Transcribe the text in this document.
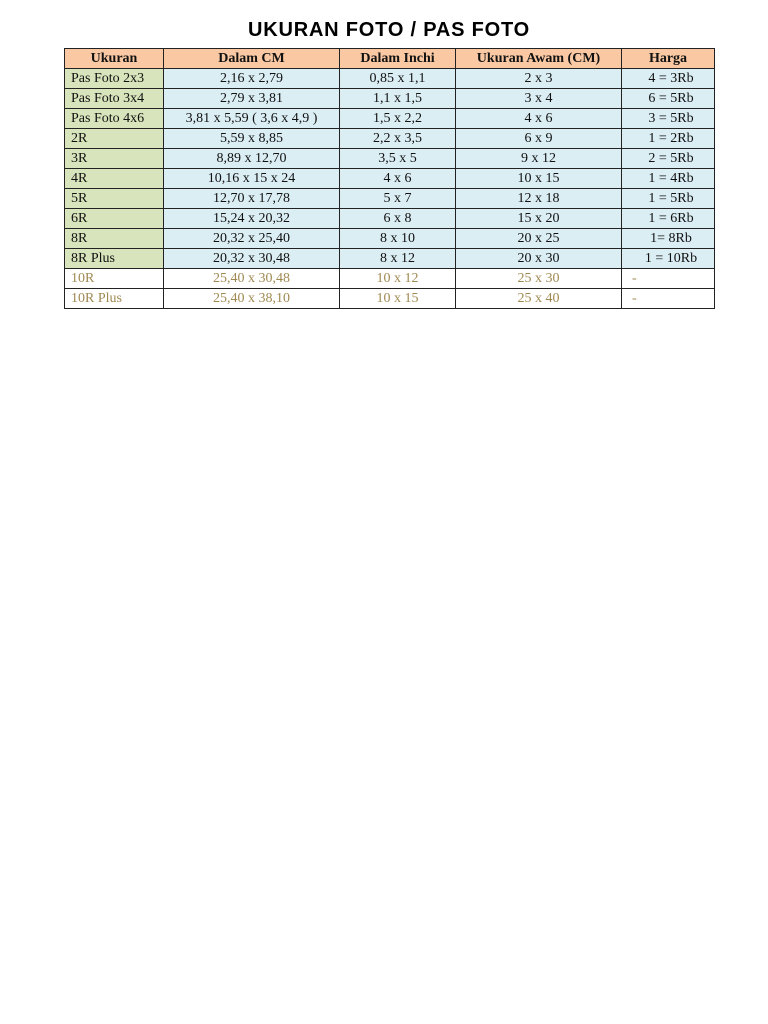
UKURAN FOTO / PAS FOTO
Ukuran	Dalam CM	Dalam Inchi	Ukuran Awam (CM)	Harga
Pas Foto 2x3	2,16 x 2,79	0,85 x 1,1	2 x 3	4 = 3Rb
Pas Foto 3x4	2,79 x 3,81	1,1 x 1,5	3 x 4	6 = 5Rb
Pas Foto 4x6	3,81 x 5,59 ( 3,6 x 4,9 )	1,5 x 2,2	4 x 6	3 = 5Rb
2R	5,59 x 8,85	2,2 x 3,5	6 x 9	1 = 2Rb
3R	8,89 x 12,70	3,5 x 5	9 x 12	2 = 5Rb
4R	10,16 x 15 x 24	4 x 6	10 x 15	1 = 4Rb
5R	12,70 x 17,78	5 x 7	12 x 18	1 = 5Rb
6R	15,24 x 20,32	6 x 8	15 x 20	1 = 6Rb
8R	20,32 x 25,40	8 x 10	20 x 25	1= 8Rb
8R Plus	20,32 x 30,48	8 x 12	20 x 30	1 = 10Rb
10R	25,40 x 30,48	10 x 12	25 x 30	-
10R Plus	25,40 x 38,10	10 x 15	25 x 40	-
